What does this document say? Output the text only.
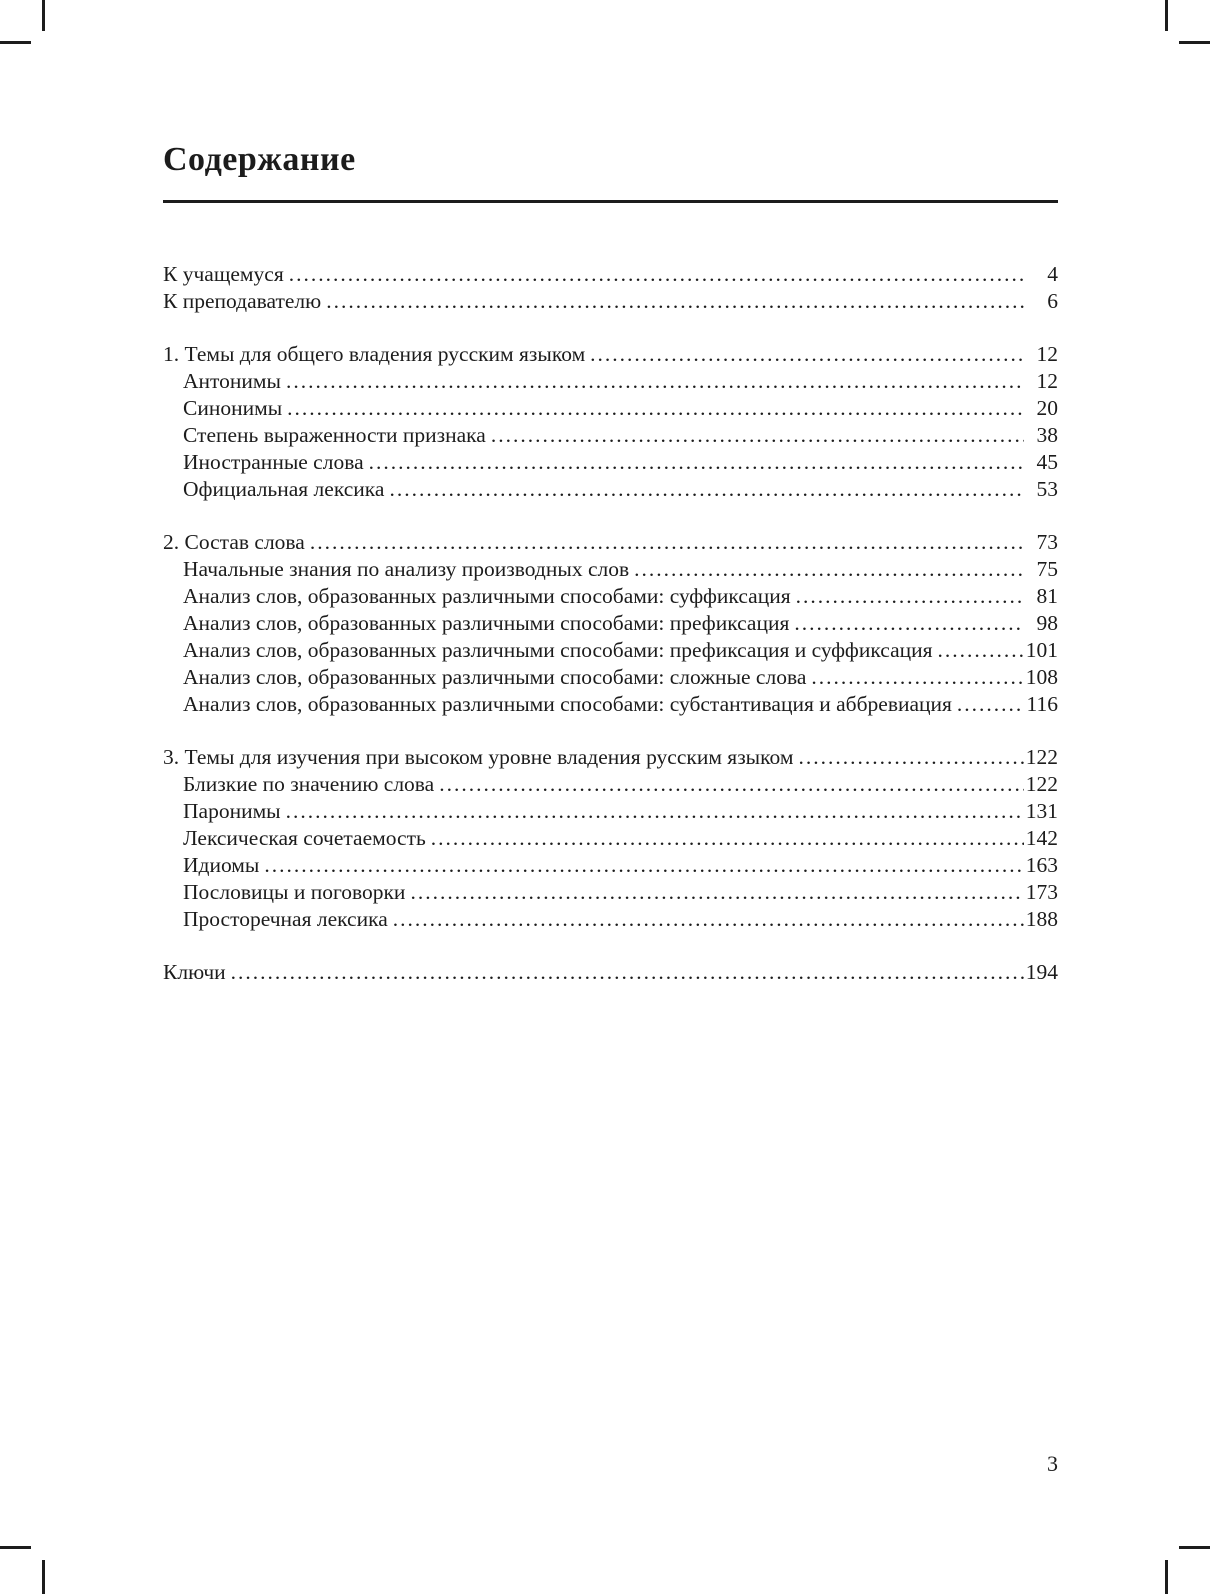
Содержание
К учащемуся .....	4
К преподавателю .....	6
1. Темы для общего владения русским языком .....	12
Антонимы .....	12
Синонимы .....	20
Степень выраженности признака .....	38
Иностранные слова .....	45
Официальная лексика .....	53
2. Состав слова .....	73
Начальные знания по анализу производных слов .....	75
Анализ слов, образованных различными способами: суффиксация .....	81
Анализ слов, образованных различными способами: префиксация .....	98
Анализ слов, образованных различными способами: префиксация и суффиксация .....	101
Анализ слов, образованных различными способами: сложные слова .....	108
Анализ слов, образованных различными способами: субстантивация и аббревиация .....	116
3. Темы для изучения при высоком уровне владения русским языком .....	122
Близкие по значению слова .....	122
Паронимы .....	131
Лексическая сочетаемость .....	142
Идиомы .....	163
Пословицы и поговорки .....	173
Просторечная лексика .....	188
Ключи .....	194
3
